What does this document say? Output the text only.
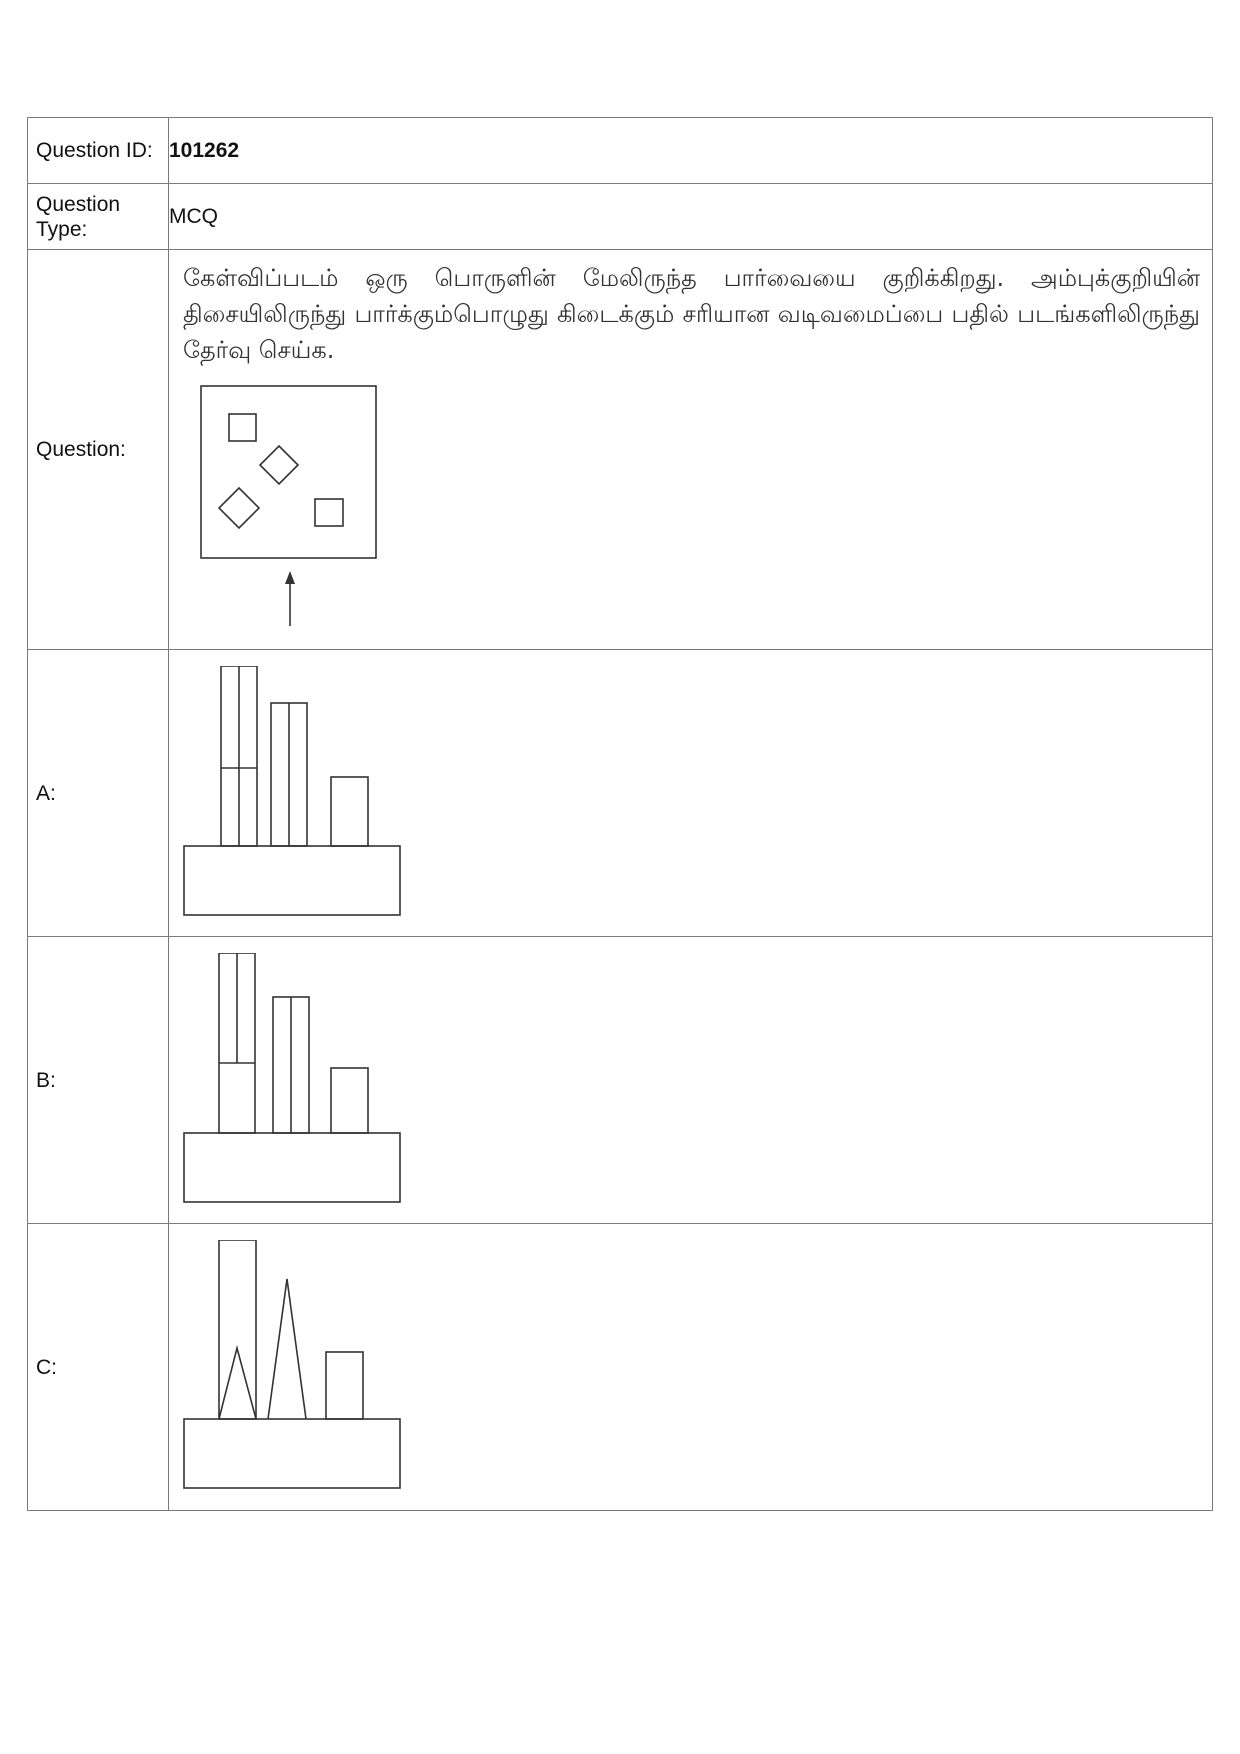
Question ID:	101262

Question Type:	MCQ

Question:	கேள்விப்படம் ஒரு பொருளின் மேலிருந்த பார்வையை குறிக்கிறது. அம்புக்குறியின் திசையிலிருந்து பார்க்கும்பொழுது கிடைக்கும் சரியான வடிவமைப்பை பதில் படங்களிலிருந்து தேர்வு செய்க.

A:

B:

C:
